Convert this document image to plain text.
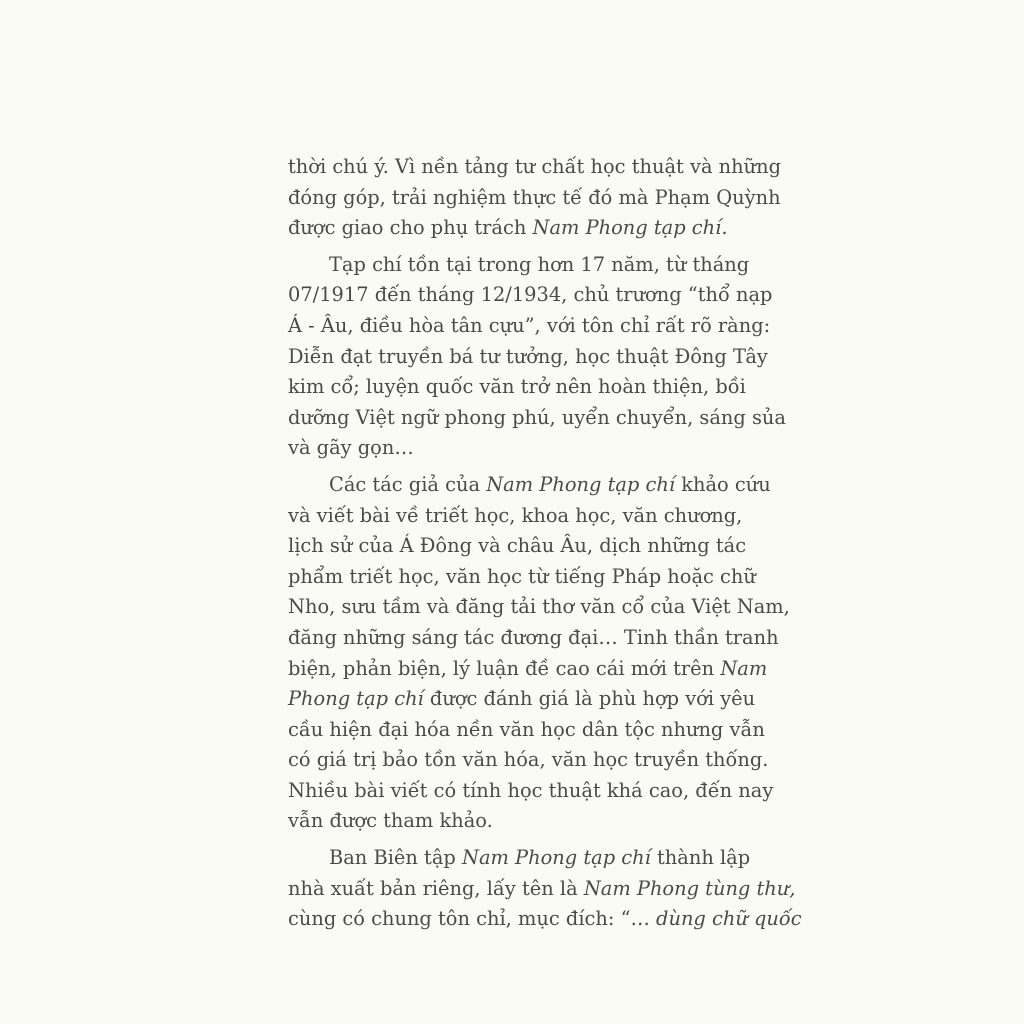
thời chú ý. Vì nền tảng tư chất học thuật và những
đóng góp, trải nghiệm thực tế đó mà Phạm Quỳnh
được giao cho phụ trách Nam Phong tạp chí.

Tạp chí tồn tại trong hơn 17 năm, từ tháng
07/1917 đến tháng 12/1934, chủ trương “thổ nạp
Á - Âu, điều hòa tân cựu”, với tôn chỉ rất rõ ràng:
Diễn đạt truyền bá tư tưởng, học thuật Đông Tây
kim cổ; luyện quốc văn trở nên hoàn thiện, bồi
dưỡng Việt ngữ phong phú, uyển chuyển, sáng sủa
và gãy gọn…

Các tác giả của Nam Phong tạp chí khảo cứu
và viết bài về triết học, khoa học, văn chương,
lịch sử của Á Đông và châu Âu, dịch những tác
phẩm triết học, văn học từ tiếng Pháp hoặc chữ
Nho, sưu tầm và đăng tải thơ văn cổ của Việt Nam,
đăng những sáng tác đương đại… Tinh thần tranh
biện, phản biện, lý luận đề cao cái mới trên Nam
Phong tạp chí được đánh giá là phù hợp với yêu
cầu hiện đại hóa nền văn học dân tộc nhưng vẫn
có giá trị bảo tồn văn hóa, văn học truyền thống.
Nhiều bài viết có tính học thuật khá cao, đến nay
vẫn được tham khảo.

Ban Biên tập Nam Phong tạp chí thành lập
nhà xuất bản riêng, lấy tên là Nam Phong tùng thư,
cùng có chung tôn chỉ, mục đích: “… dùng chữ quốc
